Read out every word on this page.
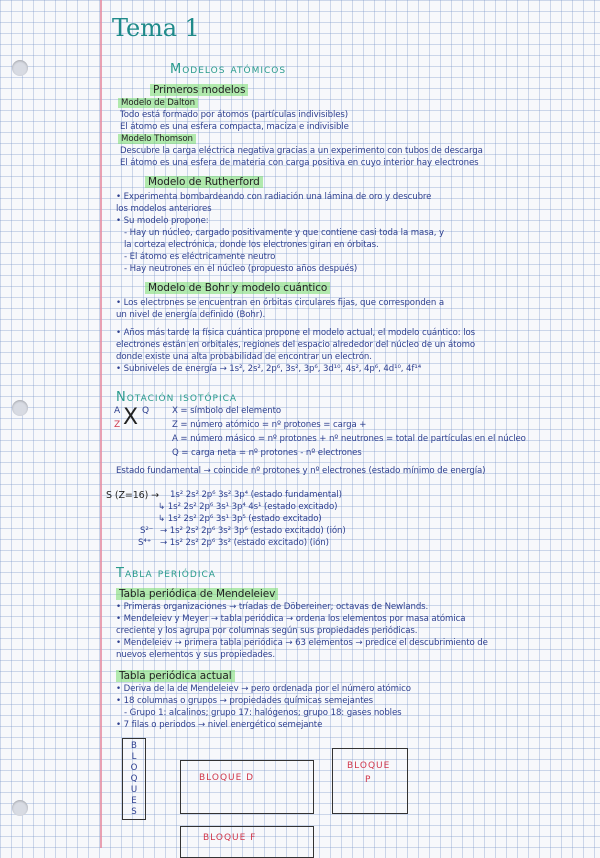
Tema 1
Modelos atómicos
Primeros modelos
Modelo de Dalton
Todo está formado por átomos (partículas indivisibles)
El átomo es una esfera compacta, maciza e indivisible
Modelo Thomson
Descubre la carga eléctrica negativa gracias a un experimento con tubos de descarga
El átomo es una esfera de materia con carga positiva en cuyo interior hay electrones
Modelo de Rutherford
• Experimenta bombardeando con radiación una lámina de oro y descubre
los modelos anteriores
• Su modelo propone:
- Hay un núcleo, cargado positivamente y que contiene casi toda la masa, y
la corteza electrónica, donde los electrones giran en órbitas.
- El átomo es eléctricamente neutro
- Hay neutrones en el núcleo (propuesto años después)
Modelo de Bohr y modelo cuántico
• Los electrones se encuentran en órbitas circulares fijas, que corresponden a
un nivel de energía definido (Bohr).
• Años más tarde la física cuántica propone el modelo actual, el modelo cuántico: los
electrones están en orbitales, regiones del espacio alrededor del núcleo de un átomo
donde existe una alta probabilidad de encontrar un electrón.
• Subniveles de energía → 1s², 2s², 2p⁶, 3s², 3p⁶, 3d¹⁰, 4s², 4p⁶, 4d¹⁰, 4f¹⁴
Notación isotópica
A
Z X Q	X = símbolo del elemento
Z = número atómico = nº protones = carga +
A = número másico = nº protones + nº neutrones = total de partículas en el núcleo
Q = carga neta = nº protones - nº electrones
Estado fundamental → coincide nº protones y nº electrones (estado mínimo de energía)
S (Z=16) → 1s² 2s² 2p⁶ 3s² 3p⁴ (estado fundamental)
↳ 1s² 2s² 2p⁶ 3s¹ 3p⁴ 4s¹ (estado excitado)
↳ 1s² 2s² 2p⁶ 3s¹ 3p⁵ (estado excitado)
S²⁻ → 1s² 2s² 2p⁶ 3s² 3p⁶ (estado excitado) (ión)
S⁴⁺ → 1s² 2s² 2p⁶ 3s² (estado excitado) (ión)
Tabla periódica
Tabla periódica de Mendeleiev
• Primeras organizaciones → tríadas de Döbereiner; octavas de Newlands.
• Mendeleiev y Meyer → tabla periódica → ordena los elementos por masa atómica
creciente y los agrupa por columnas según sus propiedades periódicas.
• Mendeleiev → primera tabla periódica → 63 elementos → predice el descubrimiento de
nuevos elementos y sus propiedades.
Tabla periódica actual
• Deriva de la de Mendeleiev → pero ordenada por el número atómico
• 18 columnas o grupos → propiedades químicas semejantes
- Grupo 1: alcalinos; grupo 17: halógenos; grupo 18: gases nobles
• 7 filas o periodos → nivel energético semejante
B
L
O
Q
U
E
S
BLOQUE D
BLOQUE
P
BLOQUE F
